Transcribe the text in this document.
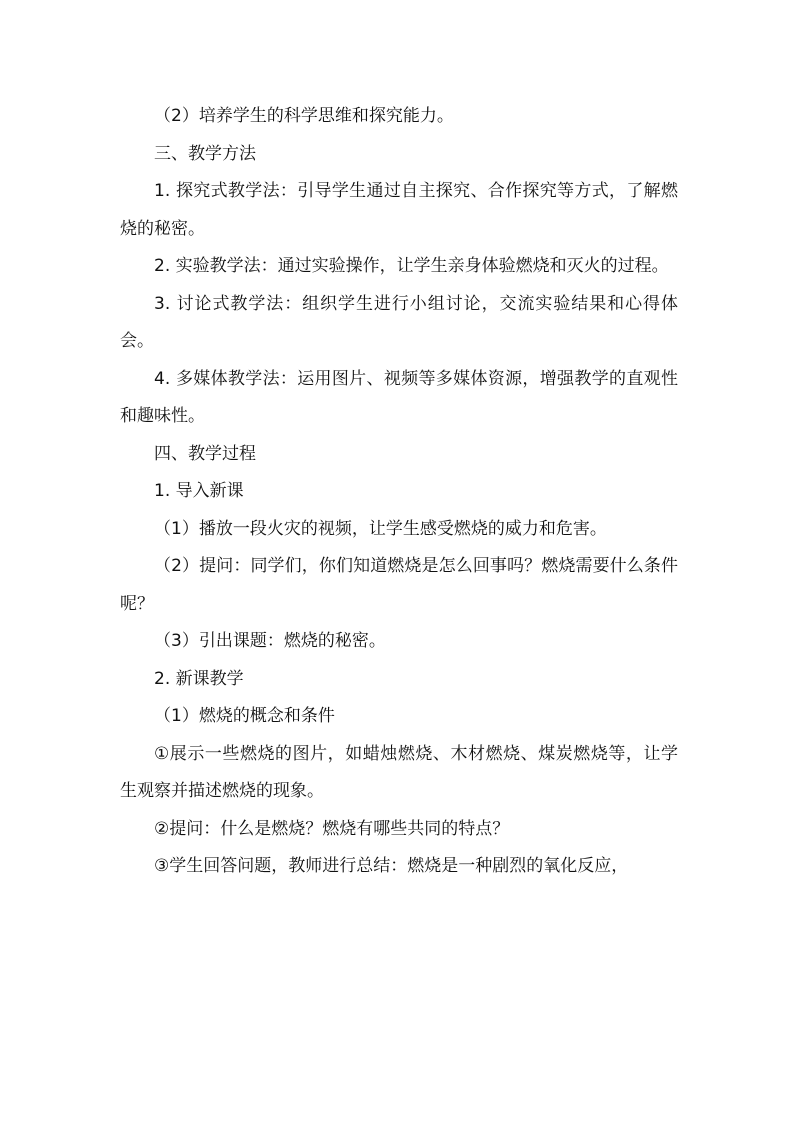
（2）培养学生的科学思维和探究能力。

三、教学方法

1. 探究式教学法：引导学生通过自主探究、合作探究等方式，了解燃烧的秘密。

2. 实验教学法：通过实验操作，让学生亲身体验燃烧和灭火的过程。

3. 讨论式教学法：组织学生进行小组讨论，交流实验结果和心得体会。

4. 多媒体教学法：运用图片、视频等多媒体资源，增强教学的直观性和趣味性。

四、教学过程

1. 导入新课

（1）播放一段火灾的视频，让学生感受燃烧的威力和危害。

（2）提问：同学们，你们知道燃烧是怎么回事吗？燃烧需要什么条件呢？

（3）引出课题：燃烧的秘密。

2. 新课教学

（1）燃烧的概念和条件

①展示一些燃烧的图片，如蜡烛燃烧、木材燃烧、煤炭燃烧等，让学生观察并描述燃烧的现象。

②提问：什么是燃烧？燃烧有哪些共同的特点？

③学生回答问题，教师进行总结：燃烧是一种剧烈的氧化反应，
